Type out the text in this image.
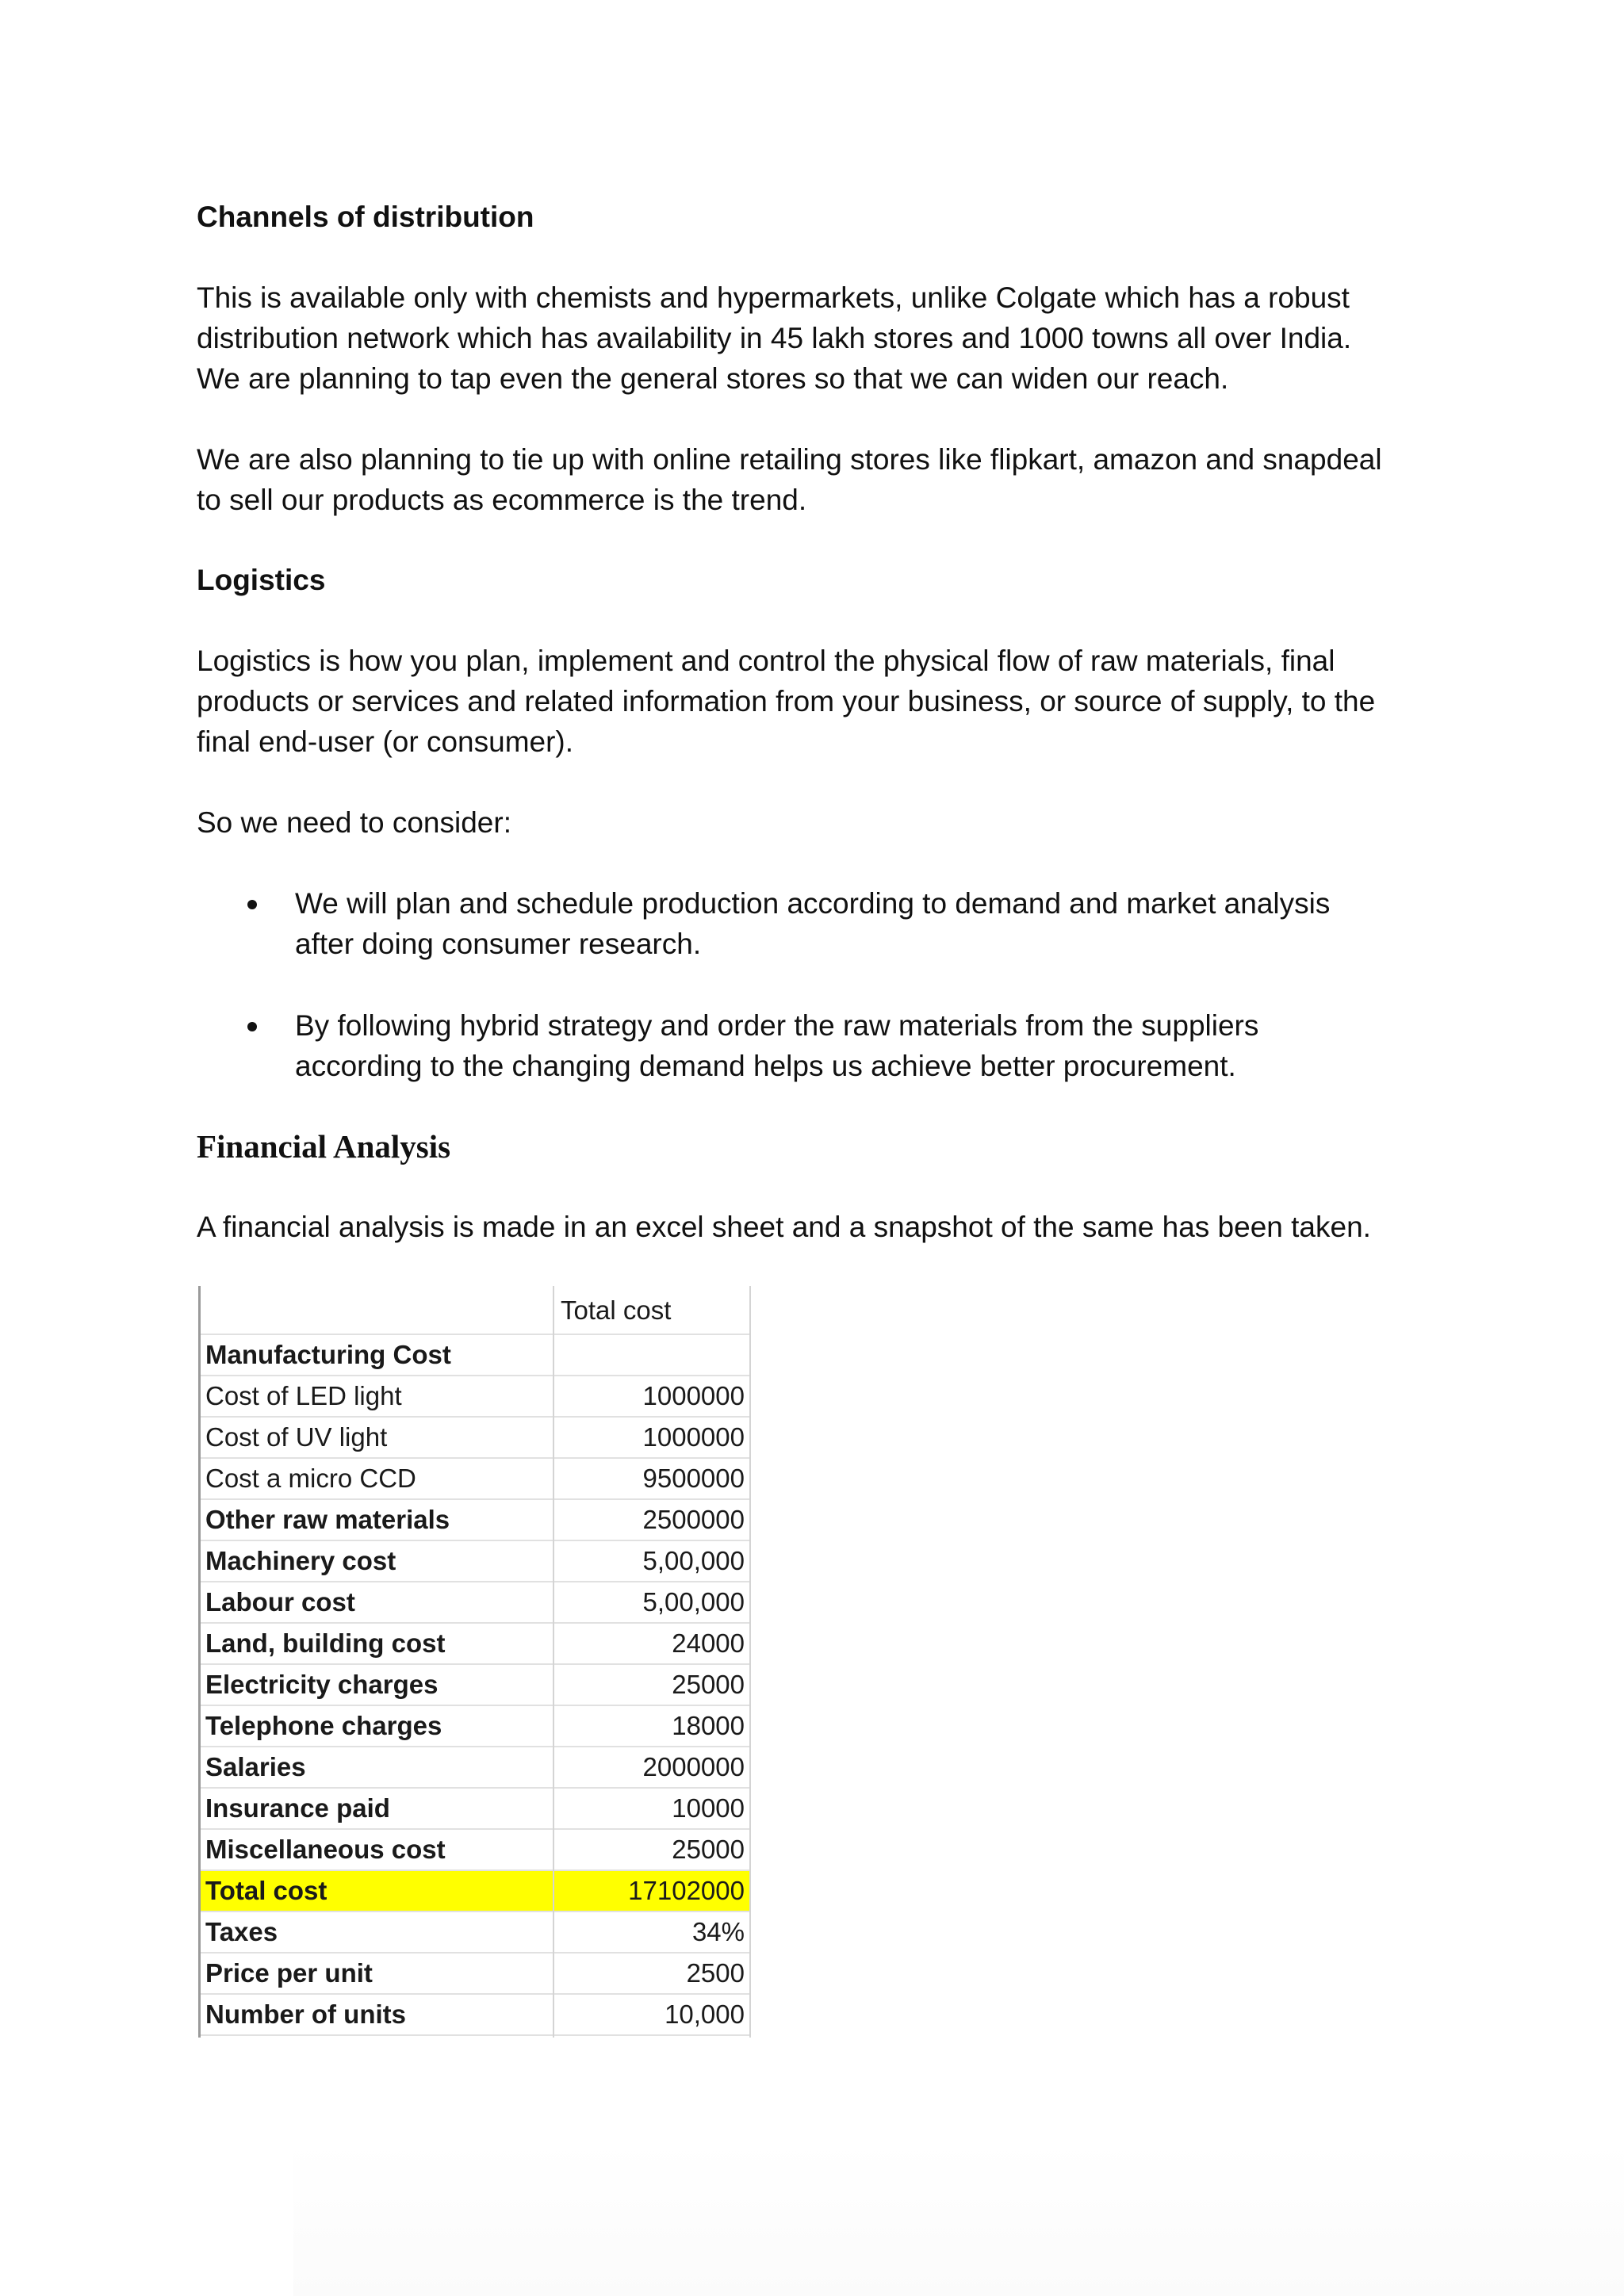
Channels of distribution
This is available only with chemists and hypermarkets, unlike Colgate which has a robust
distribution network which has availability in 45 lakh stores and 1000 towns all over India.
We are planning to tap even the general stores so that we can widen our reach.
We are also planning to tie up with online retailing stores like flipkart, amazon and snapdeal
to sell our products as ecommerce is the trend.
Logistics
Logistics is how you plan, implement and control the physical flow of raw materials, final
products or services and related information from your business, or source of supply, to the
final end-user (or consumer).
So we need to consider:
We will plan and schedule production according to demand and market analysis
after doing consumer research.
By following hybrid strategy and order the raw materials from the suppliers
according to the changing demand helps us achieve better procurement.
Financial Analysis
A financial analysis is made in an excel sheet and a snapshot of the same has been taken.
Total cost
Manufacturing Cost
Cost of LED light	1000000
Cost of UV light	1000000
Cost a micro CCD	9500000
Other raw materials	2500000
Machinery cost	5,00,000
Labour cost	5,00,000
Land, building cost	24000
Electricity charges	25000
Telephone charges	18000
Salaries	2000000
Insurance paid	10000
Miscellaneous cost	25000
Total cost	17102000
Taxes	34%
Price per unit	2500
Number of units	10,000
